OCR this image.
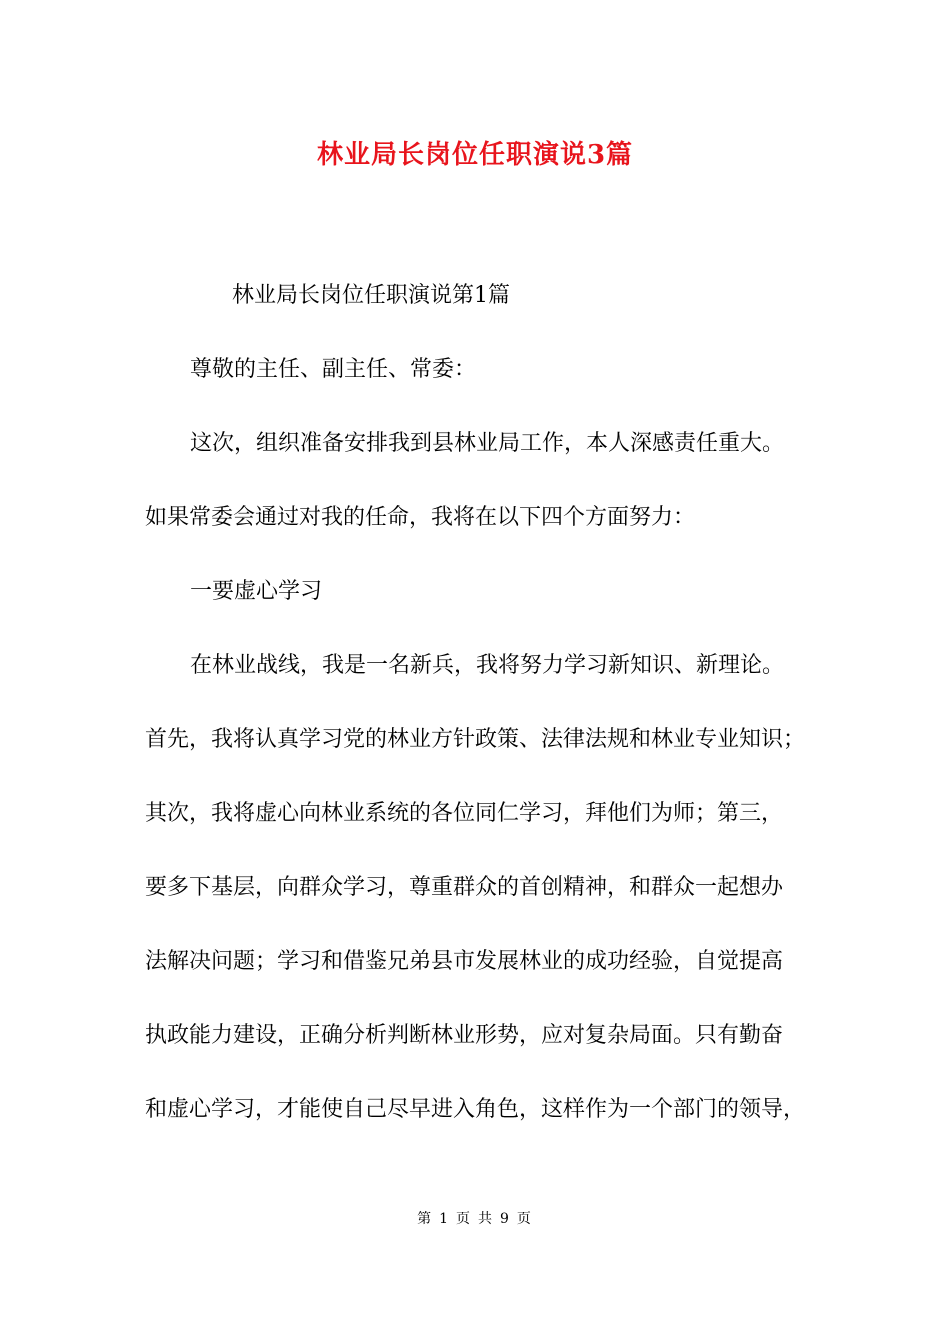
林业局长岗位任职演说3篇
林业局长岗位任职演说第1篇
尊敬的主任、副主任、常委：
这次，组织准备安排我到县林业局工作，本人深感责任重大。
如果常委会通过对我的任命，我将在以下四个方面努力：
一要虚心学习
在林业战线，我是一名新兵，我将努力学习新知识、新理论。
首先，我将认真学习党的林业方针政策、法律法规和林业专业知识；
其次，我将虚心向林业系统的各位同仁学习，拜他们为师；第三，
要多下基层，向群众学习，尊重群众的首创精神，和群众一起想办
法解决问题；学习和借鉴兄弟县市发展林业的成功经验，自觉提高
执政能力建设，正确分析判断林业形势，应对复杂局面。只有勤奋
和虚心学习，才能使自己尽早进入角色，这样作为一个部门的领导，
第 1 页 共 9 页
